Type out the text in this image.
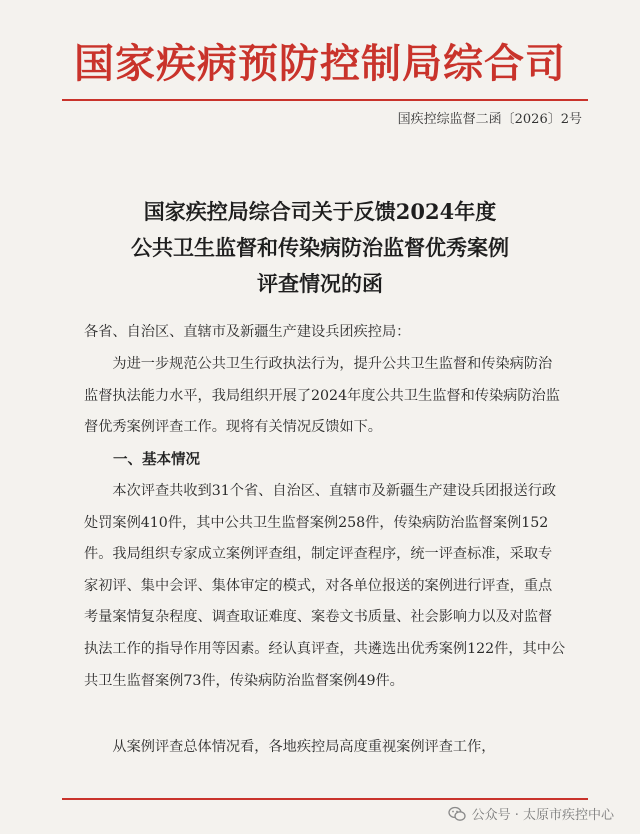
国家疾病预防控制局综合司
国疾控综监督二函〔2026〕2号
国家疾控局综合司关于反馈2024年度
公共卫生监督和传染病防治监督优秀案例
评查情况的函
各省、自治区、直辖市及新疆生产建设兵团疾控局：
为进一步规范公共卫生行政执法行为，提升公共卫生监督和传染病防治监督执法能力水平，我局组织开展了2024年度公共卫生监督和传染病防治监督优秀案例评查工作。现将有关情况反馈如下。
一、基本情况
本次评查共收到31个省、自治区、直辖市及新疆生产建设兵团报送行政处罚案例410件，其中公共卫生监督案例258件，传染病防治监督案例152件。我局组织专家成立案例评查组，制定评查程序，统一评查标准，采取专家初评、集中会评、集体审定的模式，对各单位报送的案例进行评查，重点考量案情复杂程度、调查取证难度、案卷文书质量、社会影响力以及对监督执法工作的指导作用等因素。经认真评查，共遴选出优秀案例122件，其中公共卫生监督案例73件，传染病防治监督案例49件。
从案例评查总体情况看，各地疾控局高度重视案例评查工作，
公众号 · 太原市疾控中心
